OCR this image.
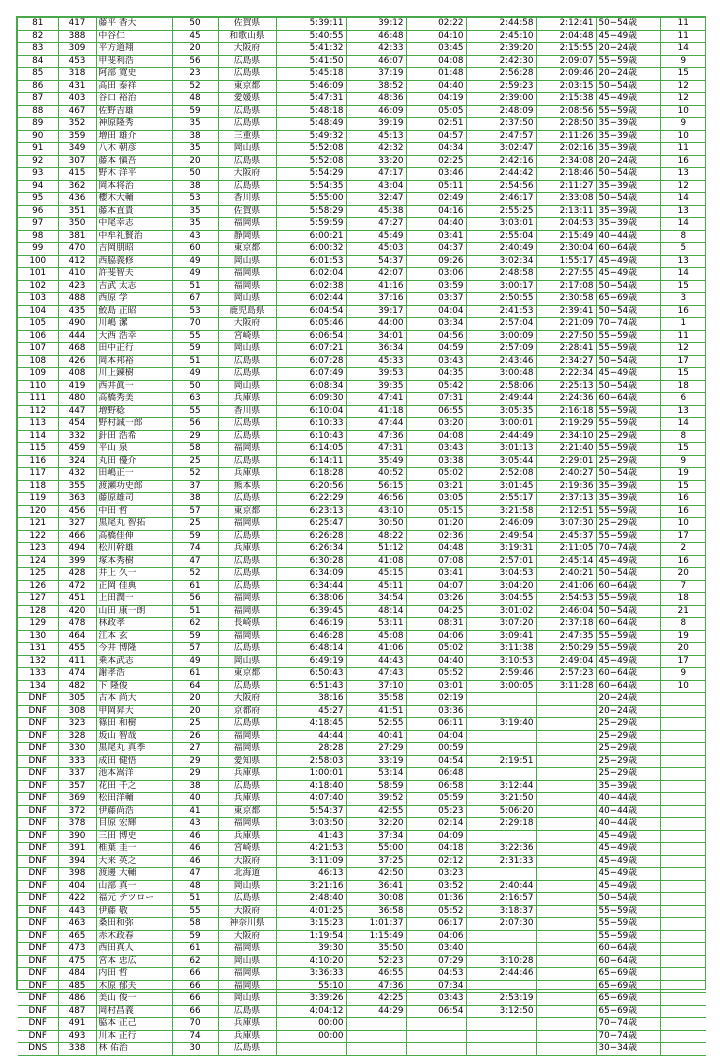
81	417	藤平 香大	50	佐賀県	5:39:11	39:12	02:22	2:44:58	2:12:41	50−54歳	11
82	388	中谷仁	45	和歌山県	5:40:55	46:48	04:10	2:45:10	2:04:48	45−49歳	11
83	309	平方道翔	20	大阪府	5:41:32	42:33	03:45	2:39:20	2:15:55	20−24歳	14
84	453	甲斐利浩	56	広島県	5:41:50	46:07	04:08	2:42:30	2:09:07	55−59歳	9
85	318	阿部 寛史	23	広島県	5:45:18	37:19	01:48	2:56:28	2:09:46	20−24歳	15
86	431	高田 泰祥	52	東京都	5:46:09	38:52	04:40	2:59:23	2:03:15	50−54歳	12
87	403	谷口 裕治	48	愛媛県	5:47:31	48:36	04:19	2:39:00	2:15:38	45−49歳	12
88	467	佐野吉雄	59	広島県	5:48:18	46:09	05:05	2:48:09	2:08:56	55−59歳	10
89	352	神原隆秀	35	広島県	5:48:49	39:19	02:51	2:37:50	2:28:50	35−39歳	9
90	359	増田 雄介	38	三重県	5:49:32	45:13	04:57	2:47:57	2:11:26	35−39歳	10
91	349	八木 朝彦	35	岡山県	5:52:08	42:32	04:34	3:02:47	2:02:16	35−39歳	11
92	307	藤本 愼吾	20	広島県	5:52:08	33:20	02:25	2:42:16	2:34:08	20−24歳	16
93	415	野木 洋平	50	大阪府	5:54:29	47:17	03:46	2:44:42	2:18:46	50−54歳	13
94	362	岡本将治	38	広島県	5:54:35	43:04	05:11	2:54:56	2:11:27	35−39歳	12
95	436	櫻木大輔	53	香川県	5:55:00	32:47	02:49	2:46:17	2:33:08	50−54歳	14
96	351	藤本直貴	35	佐賀県	5:58:29	45:38	04:16	2:55:25	2:13:11	35−39歳	13
97	350	中尾幸志	35	福岡県	5:59:59	47:27	04:40	3:03:01	2:04:53	35−39歳	14
98	381	中牟礼賢治	43	静岡県	6:00:21	45:49	03:41	2:55:04	2:15:49	40−44歳	8
99	470	吉岡朋昭	60	東京都	6:00:32	45:03	04:37	2:40:49	2:30:04	60−64歳	5
100	412	西脇義修	49	岡山県	6:01:53	54:37	09:26	3:02:34	1:55:17	45−49歳	13
101	410	許斐智夫	49	福岡県	6:02:04	42:07	03:06	2:48:58	2:27:55	45−49歳	14
102	423	吉武 太志	51	福岡県	6:02:38	41:16	03:59	3:00:17	2:17:08	50−54歳	15
103	488	西原 学	67	岡山県	6:02:44	37:16	03:37	2:50:55	2:30:58	65−69歳	3
104	435	鮫島 正昭	53	鹿児島県	6:04:54	39:17	04:04	2:41:53	2:39:41	50−54歳	16
105	490	川嶋 潔	70	大阪府	6:05:46	44:00	03:34	2:57:04	2:21:09	70−74歳	1
106	444	大西 浩幸	55	宮崎県	6:06:54	34:01	04:56	3:00:09	2:27:50	55−59歳	11
107	468	田中正行	59	岡山県	6:07:21	36:34	04:59	2:57:09	2:28:41	55−59歳	12
108	426	岡本邦裕	51	広島県	6:07:28	45:33	03:43	2:43:46	2:34:27	50−54歳	17
109	408	川上錬樹	49	広島県	6:07:49	39:53	04:35	3:00:48	2:22:34	45−49歳	15
110	419	西井眞一	50	岡山県	6:08:34	39:35	05:42	2:58:06	2:25:13	50−54歳	18
111	480	高橋秀美	63	兵庫県	6:09:30	47:41	07:31	2:49:44	2:24:36	60−64歳	6
112	447	増野稔	55	香川県	6:10:04	41:18	06:55	3:05:35	2:16:18	55−59歳	13
113	454	野村誠一郎	56	広島県	6:10:33	47:44	03:20	3:00:01	2:19:29	55−59歳	14
114	332	針田 浩希	29	広島県	6:10:43	47:36	04:08	2:44:49	2:34:10	25−29歳	8
115	459	平山 泉	58	福岡県	6:14:05	47:31	03:43	3:01:13	2:21:40	55−59歳	15
116	324	丸田 優介	25	広島県	6:14:11	35:49	03:38	3:05:44	2:29:01	25−29歳	9
117	432	田嶋正一	52	兵庫県	6:18:28	40:52	05:02	2:52:08	2:40:27	50−54歳	19
118	355	渡瀬功史郎	37	熊本県	6:20:56	56:15	03:21	3:01:45	2:19:36	35−39歳	15
119	363	藤原雄司	38	広島県	6:22:29	46:56	03:05	2:55:17	2:37:13	35−39歳	16
120	456	中田 哲	57	東京都	6:23:13	43:10	05:15	3:21:58	2:12:51	55−59歳	16
121	327	黒尾丸 智拓	25	福岡県	6:25:47	30:50	01:20	2:46:09	3:07:30	25−29歳	10
122	466	高橋佳伸	59	広島県	6:26:28	48:22	02:36	2:49:54	2:45:37	55−59歳	17
123	494	松川幹雄	74	兵庫県	6:26:34	51:12	04:48	3:19:31	2:11:05	70−74歳	2
124	399	塚本秀樹	47	広島県	6:30:28	41:08	07:08	2:57:01	2:45:14	45−49歳	16
125	428	井上 久一	52	広島県	6:34:09	45:15	03:41	3:04:53	2:40:21	50−54歳	20
126	472	正岡 佳典	61	広島県	6:34:44	45:11	04:07	3:04:20	2:41:06	60−64歳	7
127	451	上田潤一	56	福岡県	6:38:06	34:54	03:26	3:04:55	2:54:53	55−59歳	18
128	420	山田 康一朗	51	福岡県	6:39:45	48:14	04:25	3:01:02	2:46:04	50−54歳	21
129	478	林政孝	62	長崎県	6:46:19	53:11	08:31	3:07:20	2:37:18	60−64歳	8
130	464	江本 玄	59	福岡県	6:46:28	45:08	04:06	3:09:41	2:47:35	55−59歳	19
131	455	今井 博隆	57	広島県	6:48:14	41:06	05:02	3:11:38	2:50:29	55−59歳	20
132	411	乗本武志	49	岡山県	6:49:19	44:43	04:40	3:10:53	2:49:04	45−49歳	17
133	474	謝孝浩	61	東京都	6:50:43	47:43	05:52	2:59:46	2:57:23	60−64歳	9
134	482	下 隆俊	64	広島県	6:51:43	37:10	03:01	3:00:05	3:11:28	60−64歳	10
DNF	305	古本 尚大	20	大阪府	38:16	35:58	02:19			20−24歳	
DNF	308	甲岡昇大	20	京都府	45:27	41:51	03:36			20−24歳	
DNF	323	篠田 和樹	25	広島県	4:18:45	52:55	06:11	3:19:40		25−29歳	
DNF	328	坂山 智哉	26	福岡県	44:44	40:41	04:04			25−29歳	
DNF	330	黒尾丸 真季	27	福岡県	28:28	27:29	00:59			25−29歳	
DNF	333	成田 健悟	29	愛知県	2:58:03	33:19	04:54	2:19:51		25−29歳	
DNF	337	池本嵩洋	29	兵庫県	1:00:01	53:14	06:48			25−29歳	
DNF	357	花田 千之	38	広島県	4:18:40	58:59	06:58	3:12:44		35−39歳	
DNF	369	松田洋輔	40	兵庫県	4:07:40	39:52	05:59	3:21:50		40−44歳	
DNF	372	伊藤尚浩	41	東京都	5:54:37	42:55	05:23	5:06:20		40−44歳	
DNF	378	目原 宏輝	43	福岡県	3:03:50	32:20	02:14	2:29:18		40−44歳	
DNF	390	三田 博史	46	兵庫県	41:43	37:34	04:09			45−49歳	
DNF	391	椎葉 圭一	46	宮崎県	4:21:53	55:00	04:18	3:22:36		45−49歳	
DNF	394	大来 英之	46	大阪府	3:11:09	37:25	02:12	2:31:33		45−49歳	
DNF	398	渡邊 大輔	47	北海道	46:13	42:50	03:23			45−49歳	
DNF	404	山部 真一	48	岡山県	3:21:16	36:41	03:52	2:40:44		45−49歳	
DNF	422	福元 テツロー	51	広島県	2:48:40	30:08	01:36	2:16:57		50−54歳	
DNF	443	伊藤 敬	55	大阪府	4:01:25	36:58	05:52	3:18:37		55−59歳	
DNF	463	桑田和弥	58	神奈川県	3:15:23	1:01:37	06:17	2:07:30		55−59歳	
DNF	465	赤木政春	59	大阪府	1:19:54	1:15:49	04:06			55−59歳	
DNF	473	西田真人	61	福岡県	39:30	35:50	03:40			60−64歳	
DNF	475	宮本 忠広	62	岡山県	4:10:20	52:23	07:29	3:10:28		60−64歳	
DNF	484	内田 哲	66	福岡県	3:36:33	46:55	04:53	2:44:46		65−69歳	
DNF	485	木原 郁夫	66	福岡県	55:10	47:36	07:34			65−69歳	
DNF	486	美山 俊一	66	岡山県	3:39:26	42:25	03:43	2:53:19		65−69歳	
DNF	487	岡村昌義	66	広島県	4:04:12	44:29	06:54	3:12:50		65−69歳	
DNF	491	脇本 正己	70	兵庫県	00:00					70−74歳	
DNF	493	川本 正行	74	兵庫県	00:00					70−74歳	
DNS	338	林 佑治	30	広島県						30−34歳	
